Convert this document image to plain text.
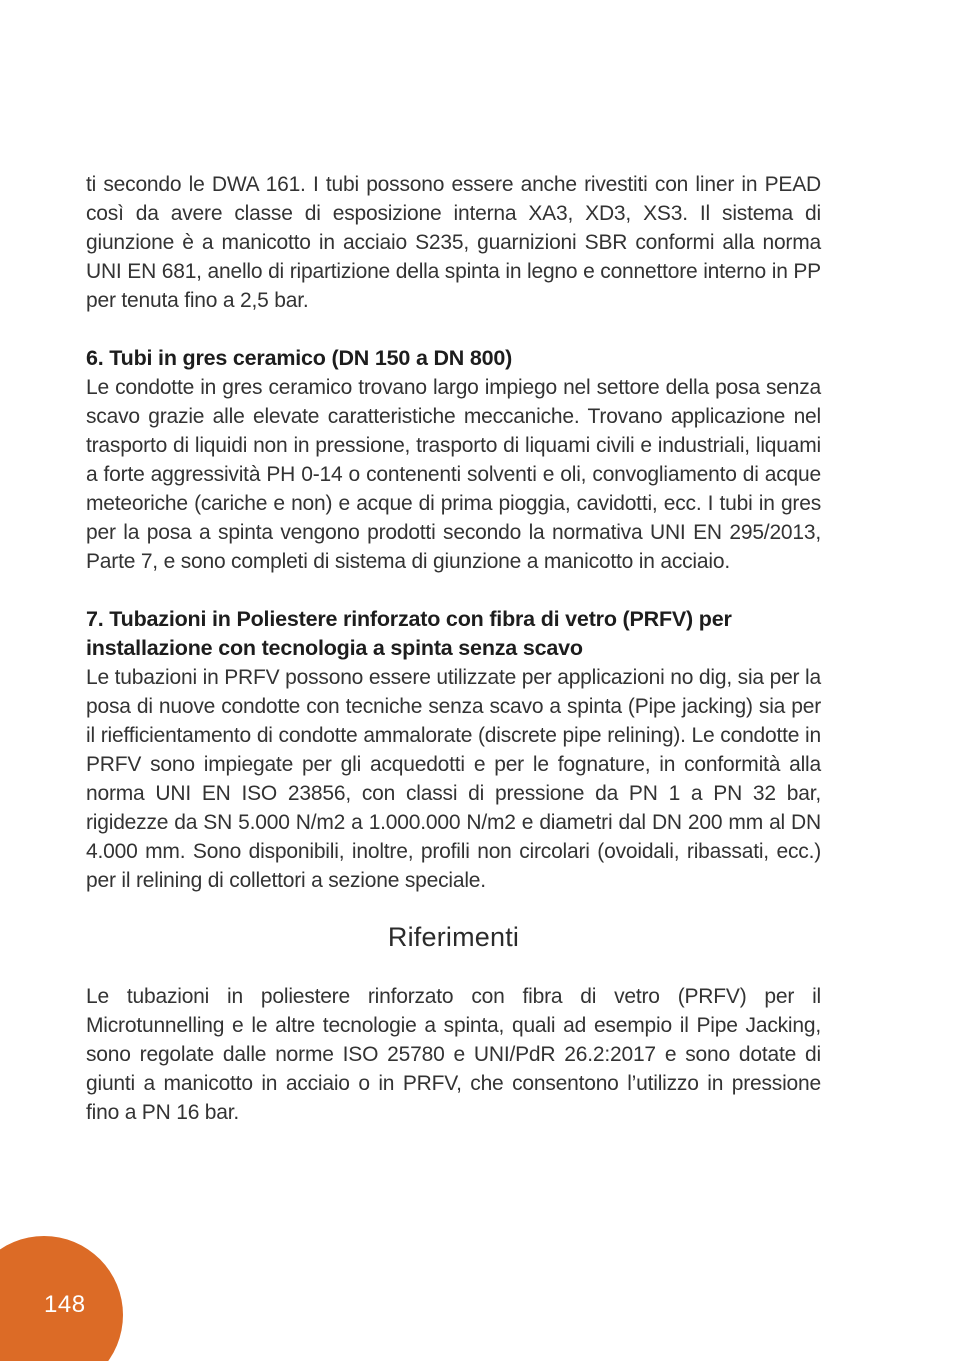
ti secondo le DWA 161. I tubi possono essere anche rivestiti con liner in PEAD così da avere classe di esposizione interna XA3, XD3, XS3. Il sistema di giunzione è a manicotto in acciaio S235, guarnizioni SBR conformi alla norma UNI EN 681, anello di ripartizione della spinta in legno e connettore interno in PP per tenuta fino a 2,5 bar.

6. Tubi in gres ceramico (DN 150 a DN 800)

Le condotte in gres ceramico trovano largo impiego nel settore della posa senza scavo grazie alle elevate caratteristiche meccaniche. Trovano applicazione nel trasporto di liquidi non in pressione, trasporto di liquami civili e industriali, liquami a forte aggressività PH 0-14 o contenenti solventi e oli, convogliamento di acque meteoriche (cariche e non) e acque di prima pioggia, cavidotti, ecc. I tubi in gres per la posa a spinta vengono prodotti secondo la normativa UNI EN 295/2013, Parte 7, e sono completi di sistema di giunzione a manicotto in acciaio.

7. Tubazioni in Poliestere rinforzato con fibra di vetro (PRFV) per installazione con tecnologia a spinta senza scavo

Le tubazioni in PRFV possono essere utilizzate per applicazioni no dig, sia per la posa di nuove condotte con tecniche senza scavo a spinta (Pipe jacking) sia per il riefficientamento di condotte ammalorate (discrete pipe relining). Le condotte in PRFV sono impiegate per gli acquedotti e per le fognature, in conformità alla norma UNI EN ISO 23856, con classi di pressione da PN 1 a PN 32 bar, rigidezze da SN 5.000 N/m2 a 1.000.000 N/m2 e diametri dal DN 200 mm al DN 4.000 mm. Sono disponibili, inoltre, profili non circolari (ovoidali, ribassati, ecc.) per il relining di collettori a sezione speciale.

Riferimenti

Le tubazioni in poliestere rinforzato con fibra di vetro (PRFV) per il Microtunnelling e le altre tecnologie a spinta, quali ad esempio il Pipe Jacking, sono regolate dalle norme ISO 25780 e UNI/PdR 26.2:2017 e sono dotate di giunti a manicotto in acciaio o in PRFV, che consentono l’utilizzo in pressione fino a PN 16 bar.

148
